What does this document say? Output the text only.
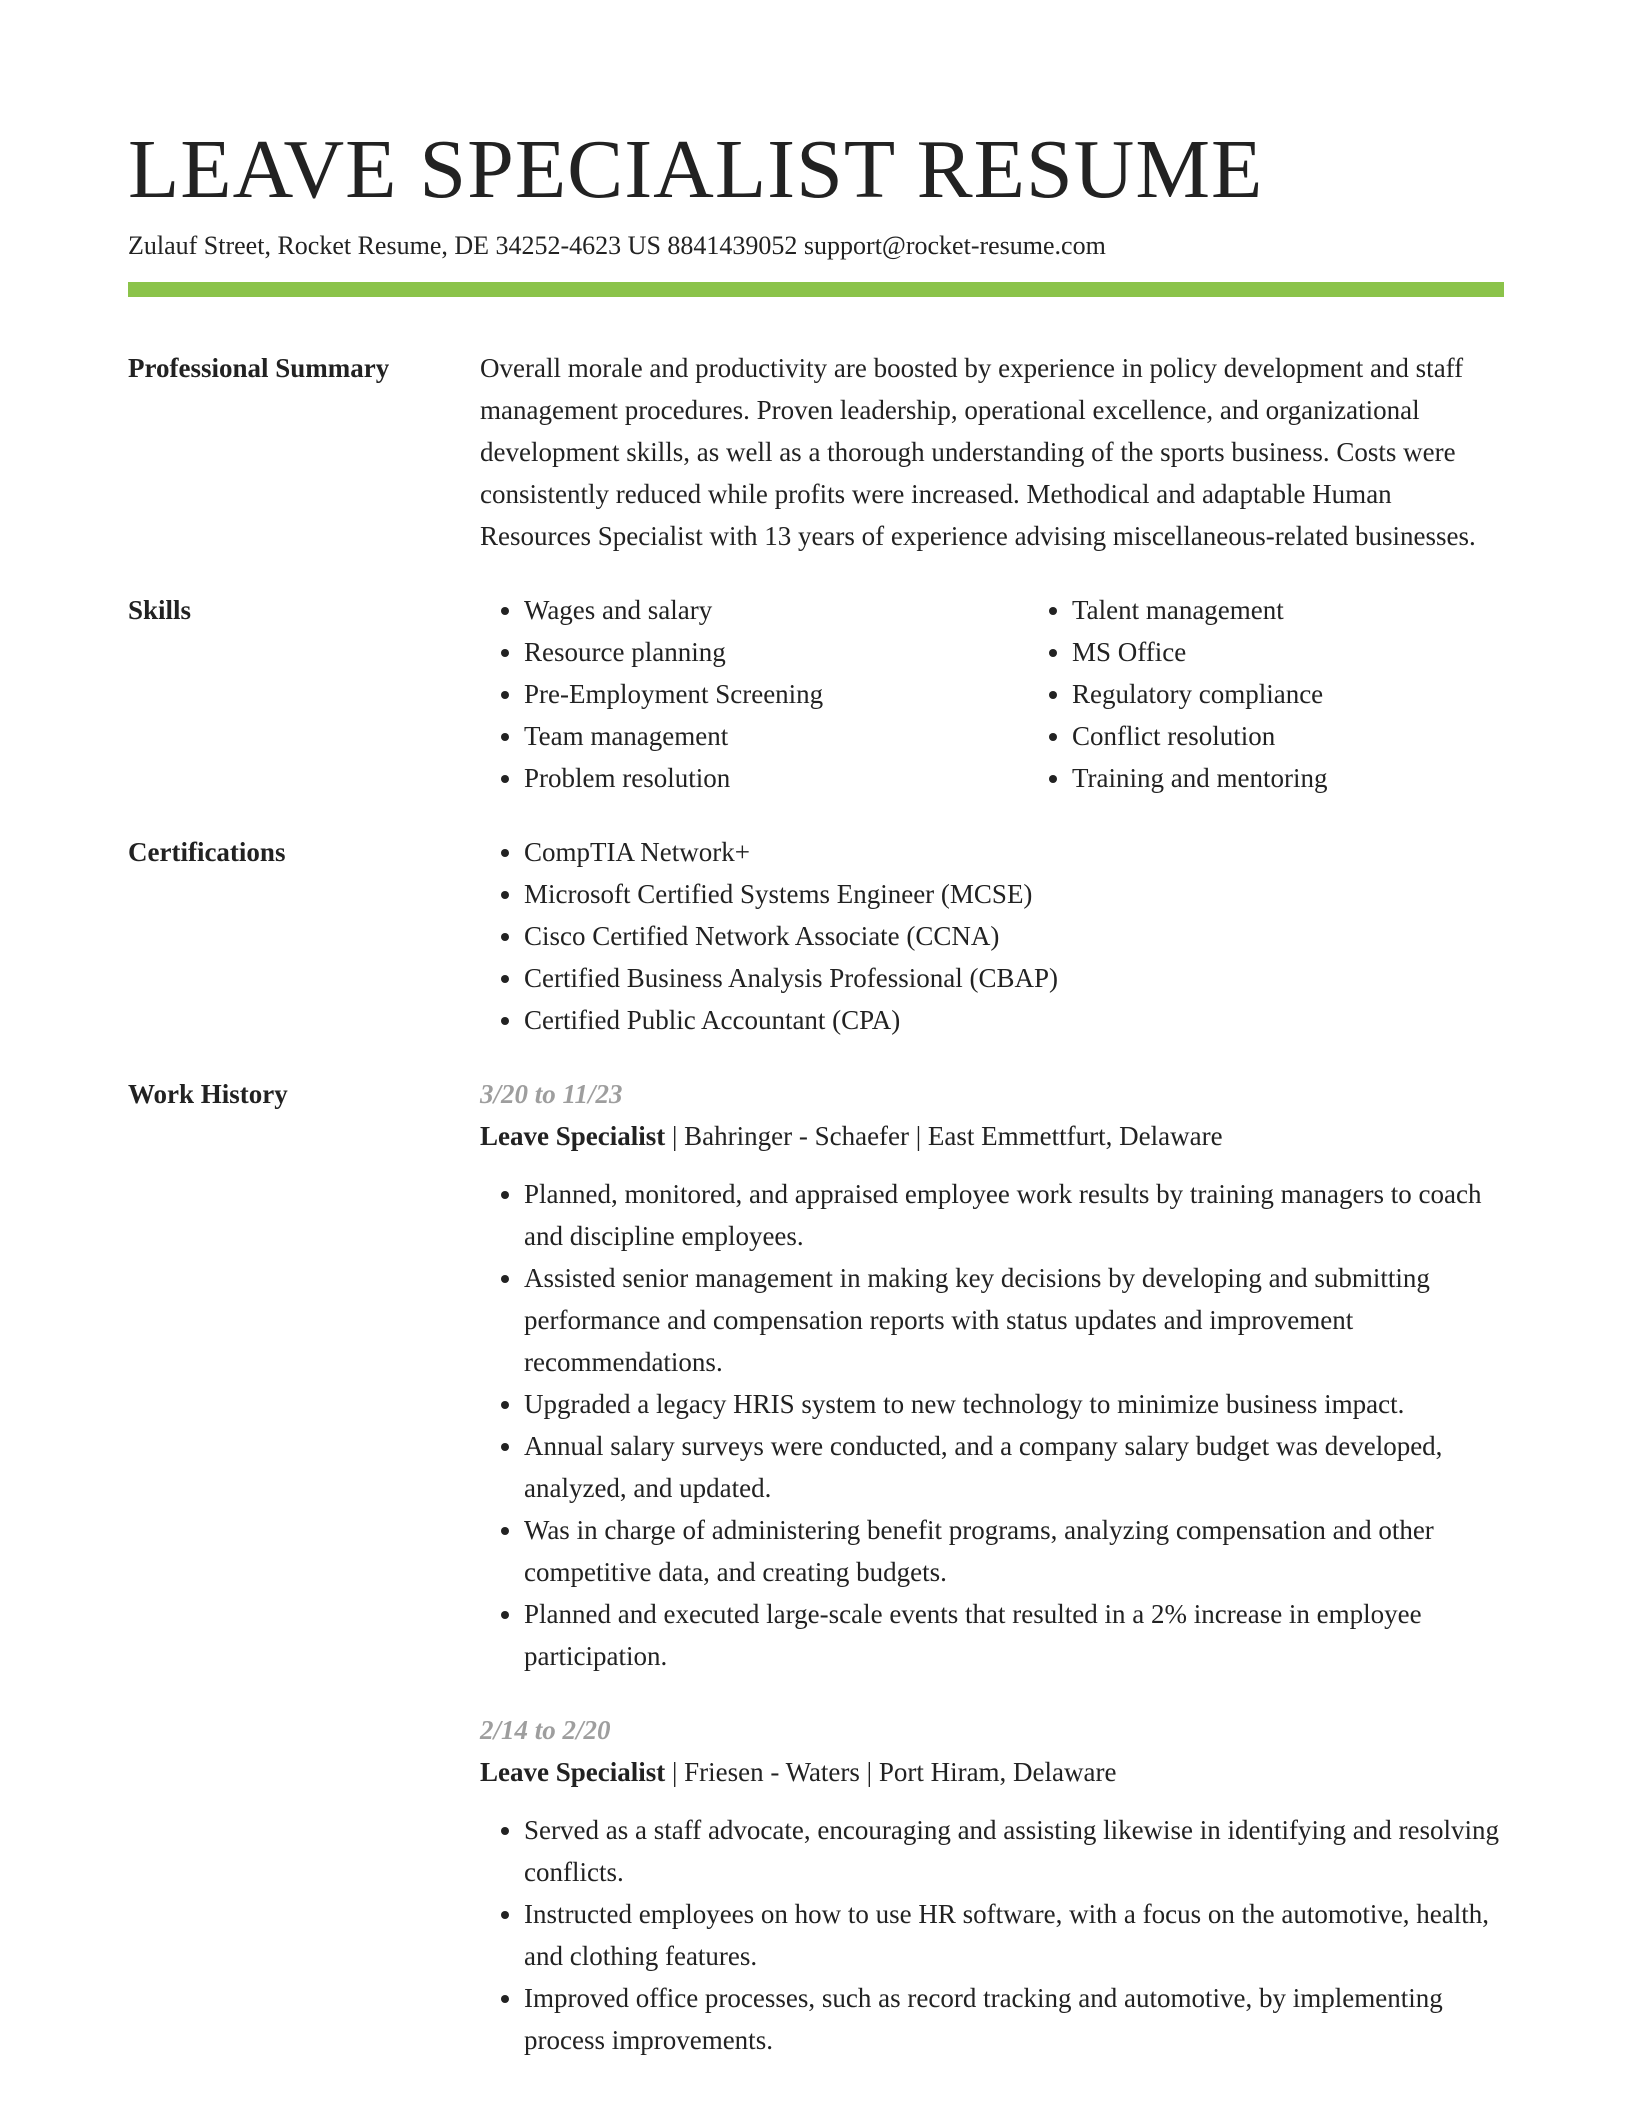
LEAVE SPECIALIST RESUME
Zulauf Street, Rocket Resume, DE 34252-4623 US 8841439052 support@rocket-resume.com
Professional Summary	Overall morale and productivity are boosted by experience in policy development and staff management procedures. Proven leadership, operational excellence, and organizational development skills, as well as a thorough understanding of the sports business. Costs were consistently reduced while profits were increased. Methodical and adaptable Human Resources Specialist with 13 years of experience advising miscellaneous-related businesses.
Skills	• Wages and salary
• Resource planning
• Pre-Employment Screening
• Team management
• Problem resolution
• Talent management
• MS Office
• Regulatory compliance
• Conflict resolution
• Training and mentoring
Certifications	• CompTIA Network+
• Microsoft Certified Systems Engineer (MCSE)
• Cisco Certified Network Associate (CCNA)
• Certified Business Analysis Professional (CBAP)
• Certified Public Accountant (CPA)
Work History	3/20 to 11/23
Leave Specialist | Bahringer - Schaefer | East Emmettfurt, Delaware
• Planned, monitored, and appraised employee work results by training managers to coach and discipline employees.
• Assisted senior management in making key decisions by developing and submitting performance and compensation reports with status updates and improvement recommendations.
• Upgraded a legacy HRIS system to new technology to minimize business impact.
• Annual salary surveys were conducted, and a company salary budget was developed, analyzed, and updated.
• Was in charge of administering benefit programs, analyzing compensation and other competitive data, and creating budgets.
• Planned and executed large-scale events that resulted in a 2% increase in employee participation.
2/14 to 2/20
Leave Specialist | Friesen - Waters | Port Hiram, Delaware
• Served as a staff advocate, encouraging and assisting likewise in identifying and resolving conflicts.
• Instructed employees on how to use HR software, with a focus on the automotive, health, and clothing features.
• Improved office processes, such as record tracking and automotive, by implementing process improvements.
